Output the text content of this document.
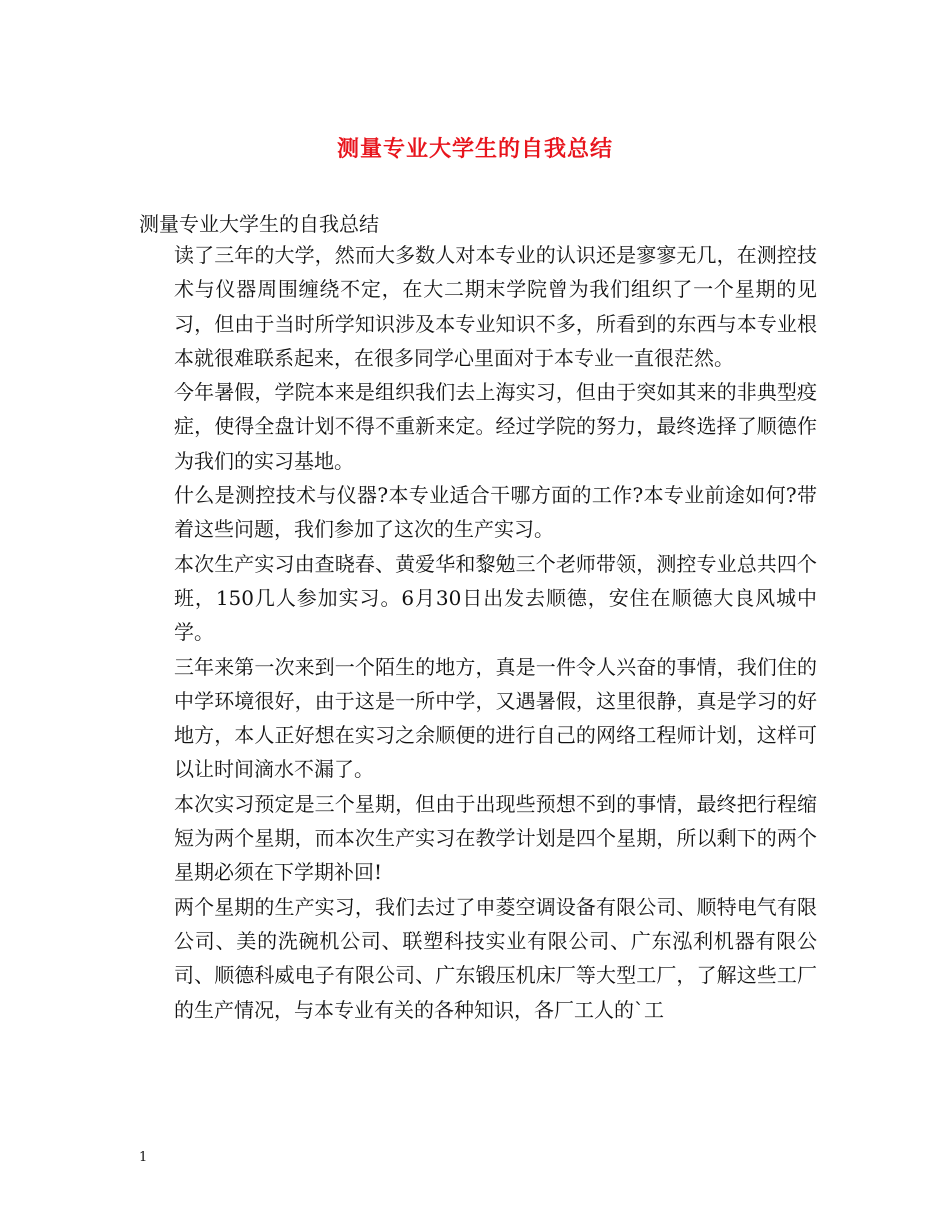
测量专业大学生的自我总结
测量专业大学生的自我总结

读了三年的大学，然而大多数人对本专业的认识还是寥寥无几，在测控技术与仪器周围缠绕不定，在大二期末学院曾为我们组织了一个星期的见习，但由于当时所学知识涉及本专业知识不多，所看到的东西与本专业根本就很难联系起来，在很多同学心里面对于本专业一直很茫然。

今年暑假，学院本来是组织我们去上海实习，但由于突如其来的非典型疫症，使得全盘计划不得不重新来定。经过学院的努力，最终选择了顺德作为我们的实习基地。

什么是测控技术与仪器?本专业适合干哪方面的工作?本专业前途如何?带着这些问题，我们参加了这次的生产实习。

本次生产实习由查晓春、黄爱华和黎勉三个老师带领，测控专业总共四个班，150几人参加实习。6月30日出发去顺德，安住在顺德大良风城中学。

三年来第一次来到一个陌生的地方，真是一件令人兴奋的事情，我们住的中学环境很好，由于这是一所中学，又遇暑假，这里很静，真是学习的好地方，本人正好想在实习之余顺便的进行自己的网络工程师计划，这样可以让时间滴水不漏了。

本次实习预定是三个星期，但由于出现些预想不到的事情，最终把行程缩短为两个星期，而本次生产实习在教学计划是四个星期，所以剩下的两个星期必须在下学期补回!

两个星期的生产实习，我们去过了申菱空调设备有限公司、顺特电气有限公司、美的洗碗机公司、联塑科技实业有限公司、广东泓利机器有限公司、顺德科威电子有限公司、广东锻压机床厂等大型工厂，了解这些工厂的生产情况，与本专业有关的各种知识，各厂工人的`工

1
